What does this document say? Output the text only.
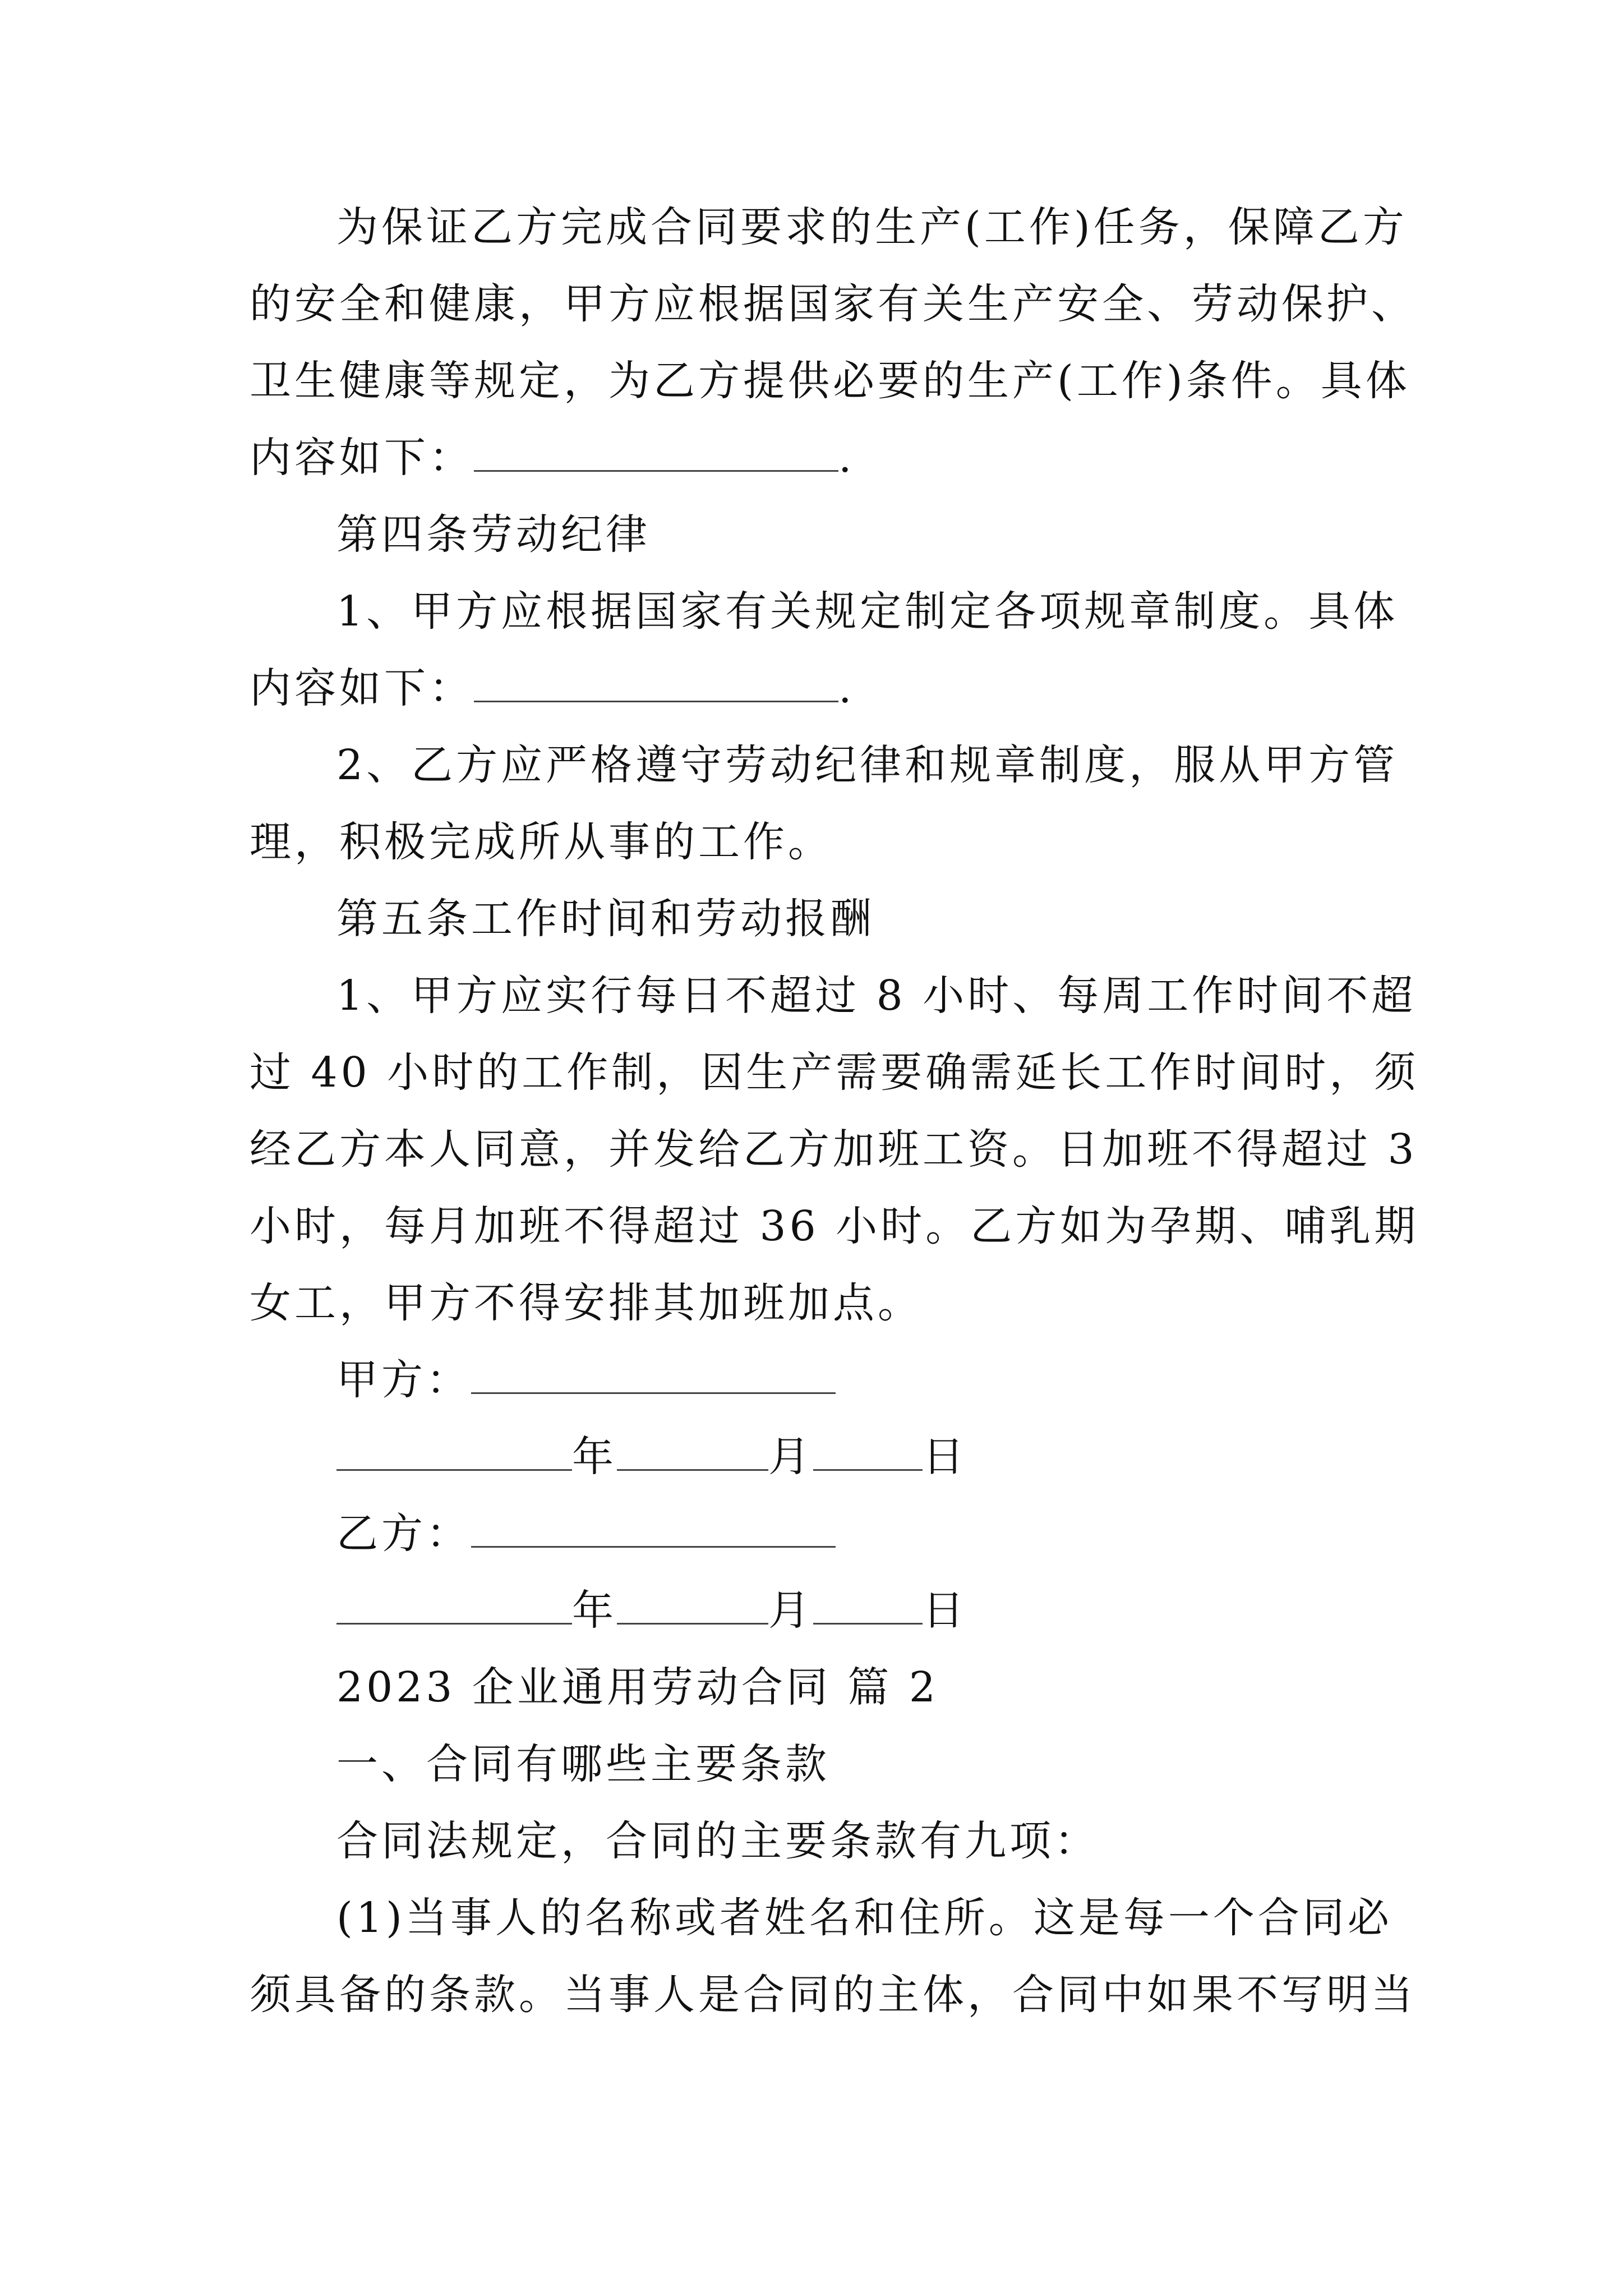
为保证乙方完成合同要求的生产(工作)任务，保障乙方
的安全和健康，甲方应根据国家有关生产安全、劳动保护、
卫生健康等规定，为乙方提供必要的生产(工作)条件。具体
内容如下：	.
第四条劳动纪律
1、甲方应根据国家有关规定制定各项规章制度。具体
内容如下：	.
2、乙方应严格遵守劳动纪律和规章制度，服从甲方管
理，积极完成所从事的工作。
第五条工作时间和劳动报酬
1、甲方应实行每日不超过 8 小时、每周工作时间不超
过 40 小时的工作制，因生产需要确需延长工作时间时，须
经乙方本人同意，并发给乙方加班工资。日加班不得超过 3
小时，每月加班不得超过 36 小时。乙方如为孕期、哺乳期
女工，甲方不得安排其加班加点。
甲方：
年	月	日
乙方：
年	月	日
2023 企业通用劳动合同 篇 2
一、合同有哪些主要条款
合同法规定，合同的主要条款有九项：
(1)当事人的名称或者姓名和住所。这是每一个合同必
须具备的条款。当事人是合同的主体，合同中如果不写明当
